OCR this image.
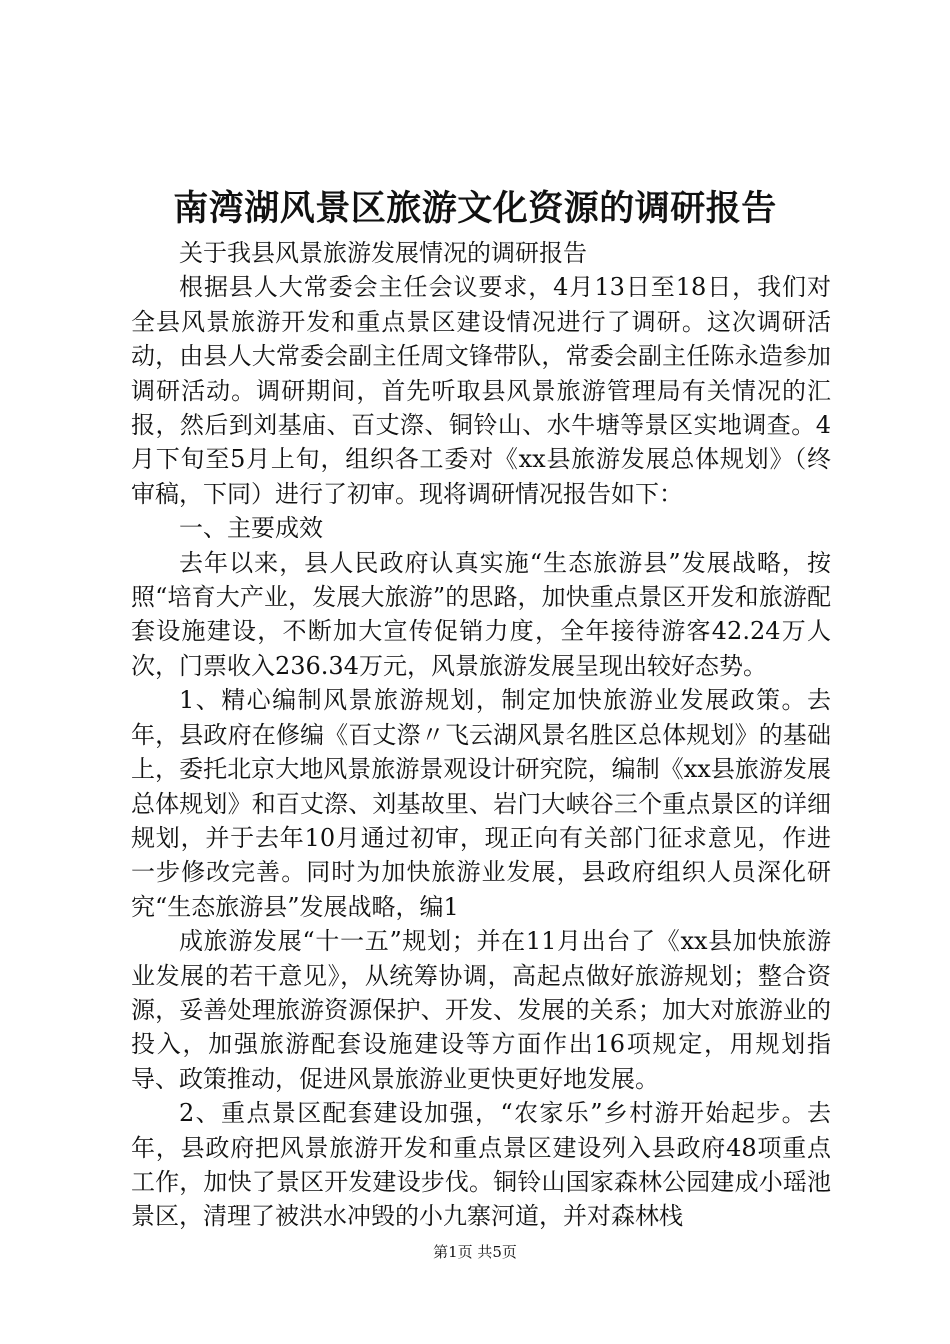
南湾湖风景区旅游文化资源的调研报告

关于我县风景旅游发展情况的调研报告

根据县人大常委会主任会议要求，4月13日至18日，我们对全县风景旅游开发和重点景区建设情况进行了调研。这次调研活动，由县人大常委会副主任周文锋带队，常委会副主任陈永造参加调研活动。调研期间，首先听取县风景旅游管理局有关情况的汇报，然后到刘基庙、百丈漈、铜铃山、水牛塘等景区实地调查。4月下旬至5月上旬，组织各工委对《xx县旅游发展总体规划》（终审稿，下同）进行了初审。现将调研情况报告如下：

一、主要成效

去年以来，县人民政府认真实施“生态旅游县”发展战略，按照“培育大产业，发展大旅游”的思路，加快重点景区开发和旅游配套设施建设，不断加大宣传促销力度，全年接待游客42.24万人次，门票收入236.34万元，风景旅游发展呈现出较好态势。

1、精心编制风景旅游规划，制定加快旅游业发展政策。去年，县政府在修编《百丈漈〃飞云湖风景名胜区总体规划》的基础上，委托北京大地风景旅游景观设计研究院，编制《xx县旅游发展总体规划》和百丈漈、刘基故里、岩门大峡谷三个重点景区的详细规划，并于去年10月通过初审，现正向有关部门征求意见，作进一步修改完善。同时为加快旅游业发展，县政府组织人员深化研究“生态旅游县”发展战略，编1

成旅游发展“十一五”规划；并在11月出台了《xx县加快旅游业发展的若干意见》，从统筹协调，高起点做好旅游规划；整合资源，妥善处理旅游资源保护、开发、发展的关系；加大对旅游业的投入，加强旅游配套设施建设等方面作出16项规定，用规划指导、政策推动，促进风景旅游业更快更好地发展。

2、重点景区配套建设加强，“农家乐”乡村游开始起步。去年，县政府把风景旅游开发和重点景区建设列入县政府48项重点工作，加快了景区开发建设步伐。铜铃山国家森林公园建成小瑶池景区，清理了被洪水冲毁的小九寨河道，并对森林栈

第1页 共5页
